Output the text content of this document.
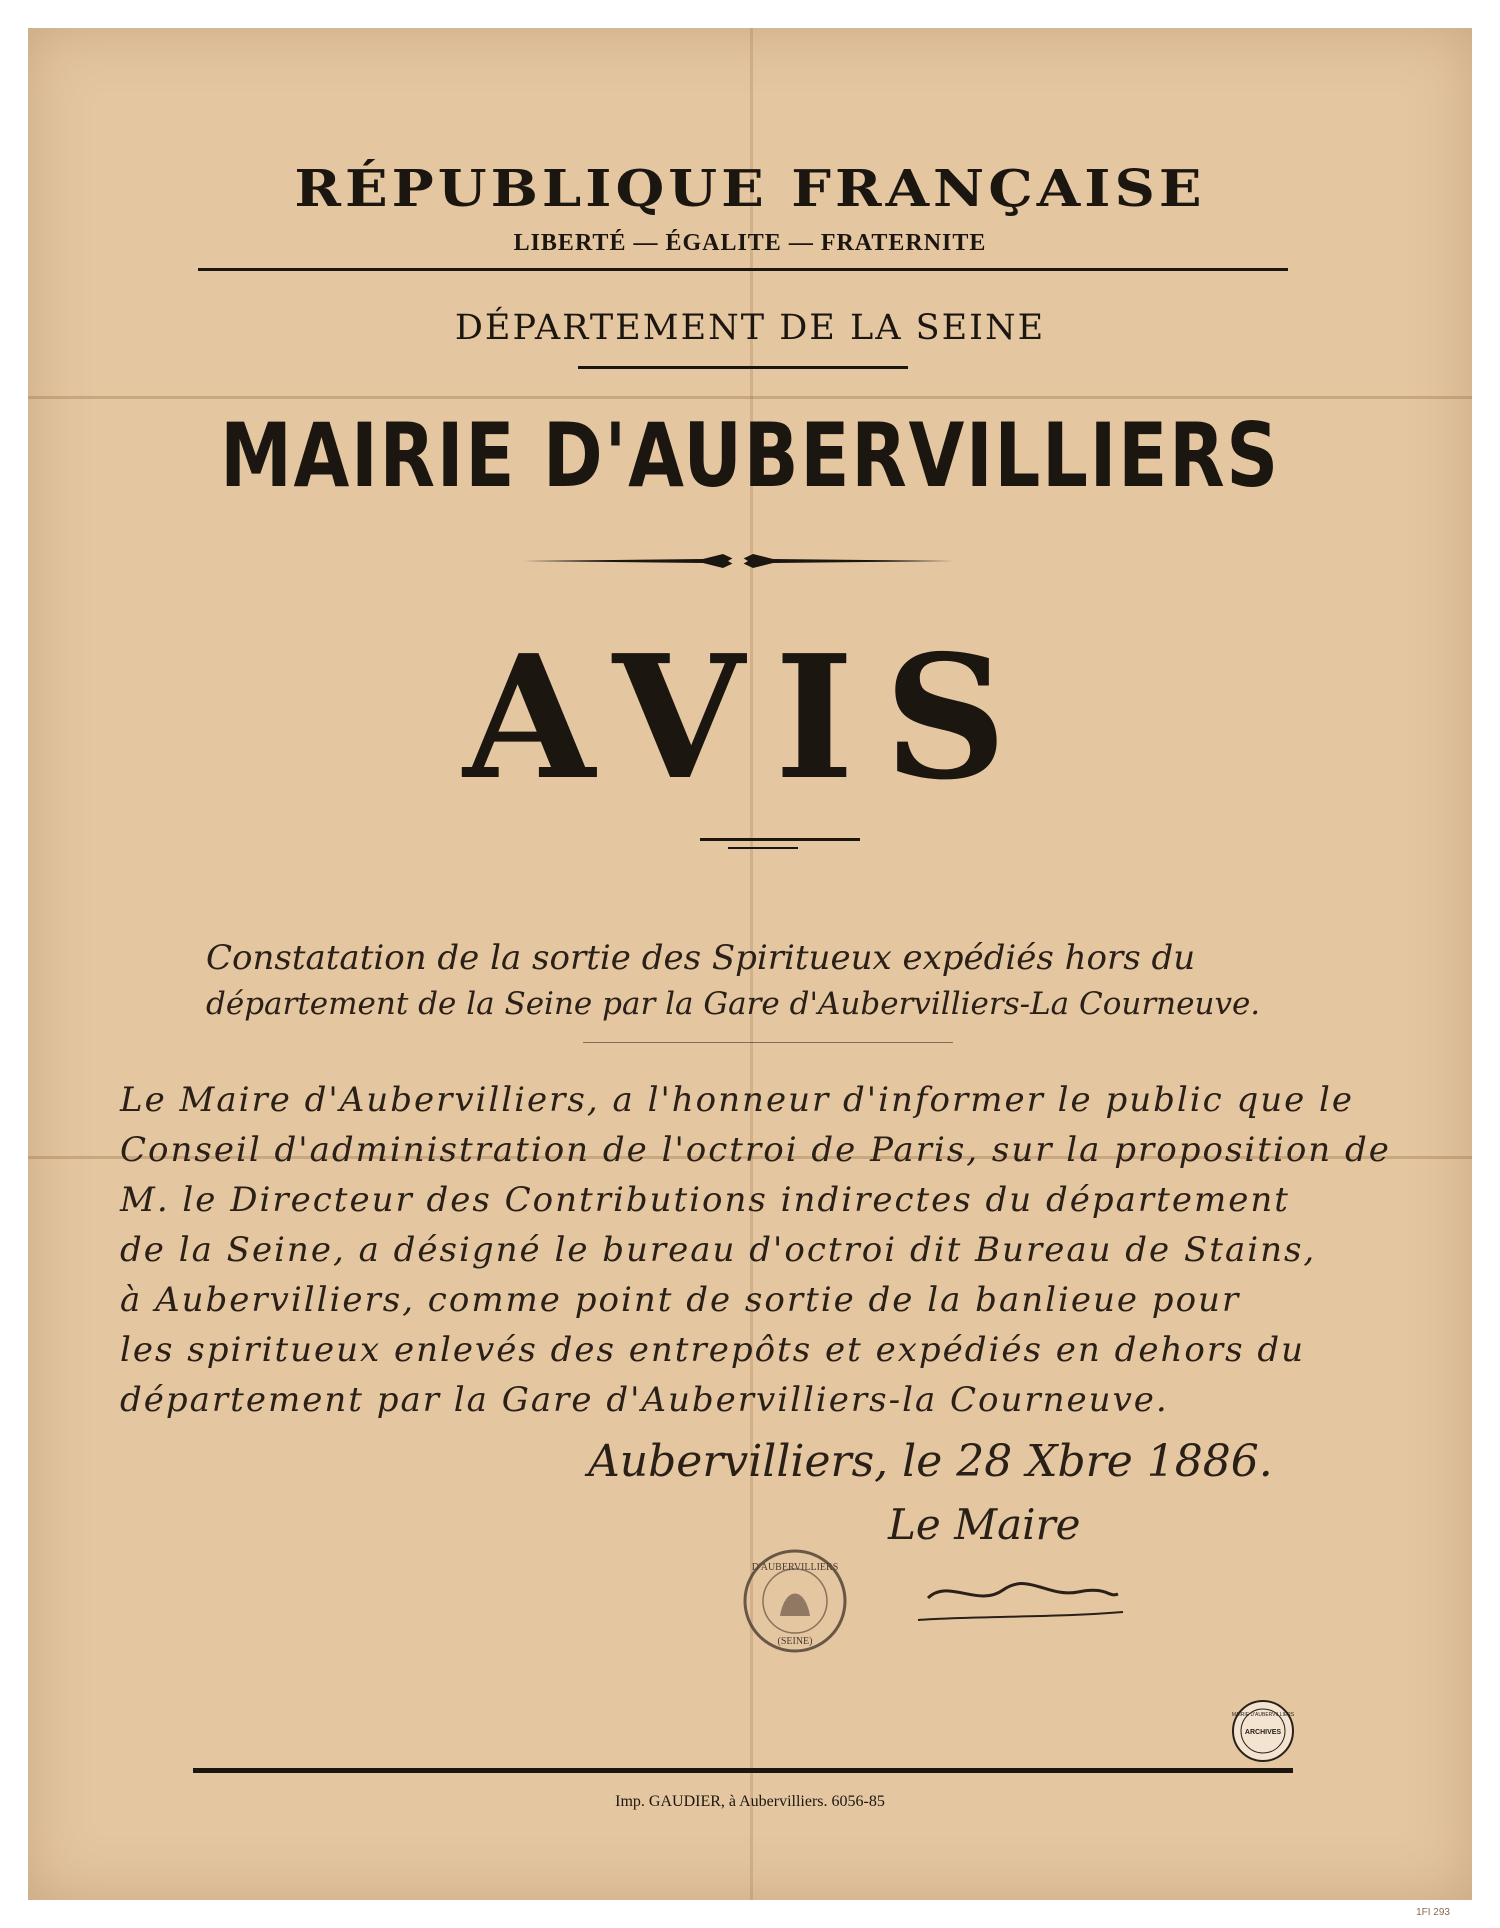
RÉPUBLIQUE FRANÇAISE
LIBERTÉ — ÉGALITE — FRATERNITE
DÉPARTEMENT DE LA SEINE
MAIRIE D'AUBERVILLIERS
AVIS
Constatation de la sortie des Spiritueux expédiés hors du
département de la Seine par la Gare d'Aubervilliers-La Courneuve.
Le Maire d'Aubervilliers, a l'honneur d'informer le public que le
Conseil d'administration de l'octroi de Paris, sur la proposition de
M. le Directeur des Contributions indirectes du département
de la Seine, a désigné le bureau d'octroi dit Bureau de Stains,
à Aubervilliers, comme point de sortie de la banlieue pour
les spiritueux enlevés des entrepôts et expédiés en dehors du
département par la Gare d'Aubervilliers-la Courneuve.
Aubervilliers, le 28 Xbre 1886.
Le Maire
D'AUBERVILLIERS
(SEINE)
MAIRIE D'AUBERVILLIERS
ARCHIVES
Imp. GAUDIER, à Aubervilliers. 6056-85
1FI 293
